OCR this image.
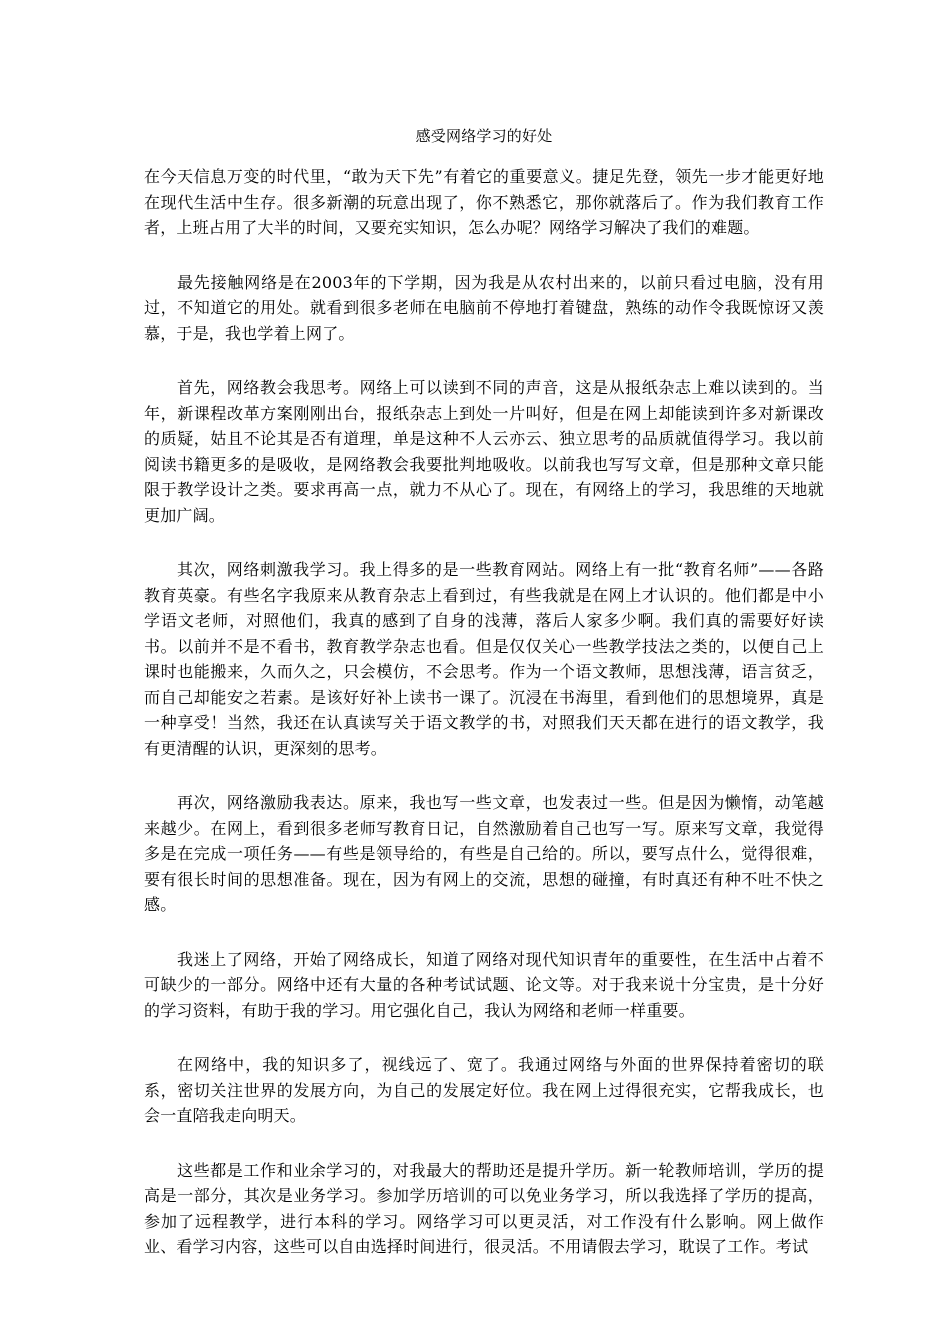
感受网络学习的好处

在今天信息万变的时代里，“敢为天下先”有着它的重要意义。捷足先登，领先一步才能更好地在现代生活中生存。很多新潮的玩意出现了，你不熟悉它，那你就落后了。作为我们教育工作者，上班占用了大半的时间，又要充实知识，怎么办呢？网络学习解决了我们的难题。

最先接触网络是在2003年的下学期，因为我是从农村出来的，以前只看过电脑，没有用过，不知道它的用处。就看到很多老师在电脑前不停地打着键盘，熟练的动作令我既惊讶又羡慕，于是，我也学着上网了。

首先，网络教会我思考。网络上可以读到不同的声音，这是从报纸杂志上难以读到的。当年，新课程改革方案刚刚出台，报纸杂志上到处一片叫好，但是在网上却能读到许多对新课改的质疑，姑且不论其是否有道理，单是这种不人云亦云、独立思考的品质就值得学习。我以前阅读书籍更多的是吸收，是网络教会我要批判地吸收。以前我也写写文章，但是那种文章只能限于教学设计之类。要求再高一点，就力不从心了。现在，有网络上的学习，我思维的天地就更加广阔。

其次，网络刺激我学习。我上得多的是一些教育网站。网络上有一批“教育名师”——各路教育英豪。有些名字我原来从教育杂志上看到过，有些我就是在网上才认识的。他们都是中小学语文老师，对照他们，我真的感到了自身的浅薄，落后人家多少啊。我们真的需要好好读书。以前并不是不看书，教育教学杂志也看。但是仅仅关心一些教学技法之类的，以便自己上课时也能搬来，久而久之，只会模仿，不会思考。作为一个语文教师，思想浅薄，语言贫乏，而自己却能安之若素。是该好好补上读书一课了。沉浸在书海里，看到他们的思想境界，真是一种享受！当然，我还在认真读写关于语文教学的书，对照我们天天都在进行的语文教学，我有更清醒的认识，更深刻的思考。

再次，网络激励我表达。原来，我也写一些文章，也发表过一些。但是因为懒惰，动笔越来越少。在网上，看到很多老师写教育日记，自然激励着自己也写一写。原来写文章，我觉得多是在完成一项任务——有些是领导给的，有些是自己给的。所以，要写点什么，觉得很难，要有很长时间的思想准备。现在，因为有网上的交流，思想的碰撞，有时真还有种不吐不快之感。

我迷上了网络，开始了网络成长，知道了网络对现代知识青年的重要性，在生活中占着不可缺少的一部分。网络中还有大量的各种考试试题、论文等。对于我来说十分宝贵，是十分好的学习资料，有助于我的学习。用它强化自己，我认为网络和老师一样重要。

在网络中，我的知识多了，视线远了、宽了。我通过网络与外面的世界保持着密切的联系，密切关注世界的发展方向，为自己的发展定好位。我在网上过得很充实，它帮我成长，也会一直陪我走向明天。

这些都是工作和业余学习的，对我最大的帮助还是提升学历。新一轮教师培训，学历的提高是一部分，其次是业务学习。参加学历培训的可以免业务学习，所以我选择了学历的提高，参加了远程教学，进行本科的学习。网络学习可以更灵活，对工作没有什么影响。网上做作业、看学习内容，这些可以自由选择时间进行，很灵活。不用请假去学习，耽误了工作。考试
